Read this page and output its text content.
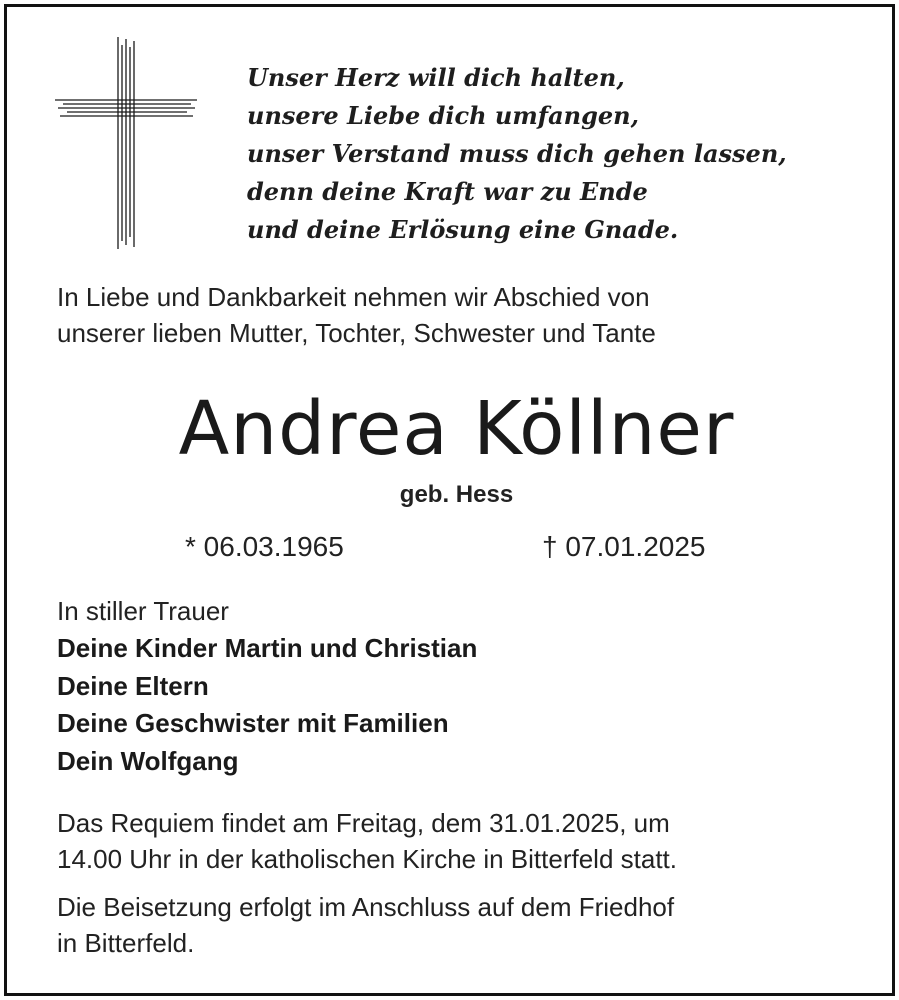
Unser Herz will dich halten,
unsere Liebe dich umfangen,
unser Verstand muss dich gehen lassen,
denn deine Kraft war zu Ende
und deine Erlösung eine Gnade.
In Liebe und Dankbarkeit nehmen wir Abschied von
unserer lieben Mutter, Tochter, Schwester und Tante
Andrea Köllner
geb. Hess
* 06.03.1965	† 07.01.2025
In stiller Trauer
Deine Kinder Martin und Christian
Deine Eltern
Deine Geschwister mit Familien
Dein Wolfgang
Das Requiem findet am Freitag, dem 31.01.2025, um
14.00 Uhr in der katholischen Kirche in Bitterfeld statt.
Die Beisetzung erfolgt im Anschluss auf dem Friedhof
in Bitterfeld.
